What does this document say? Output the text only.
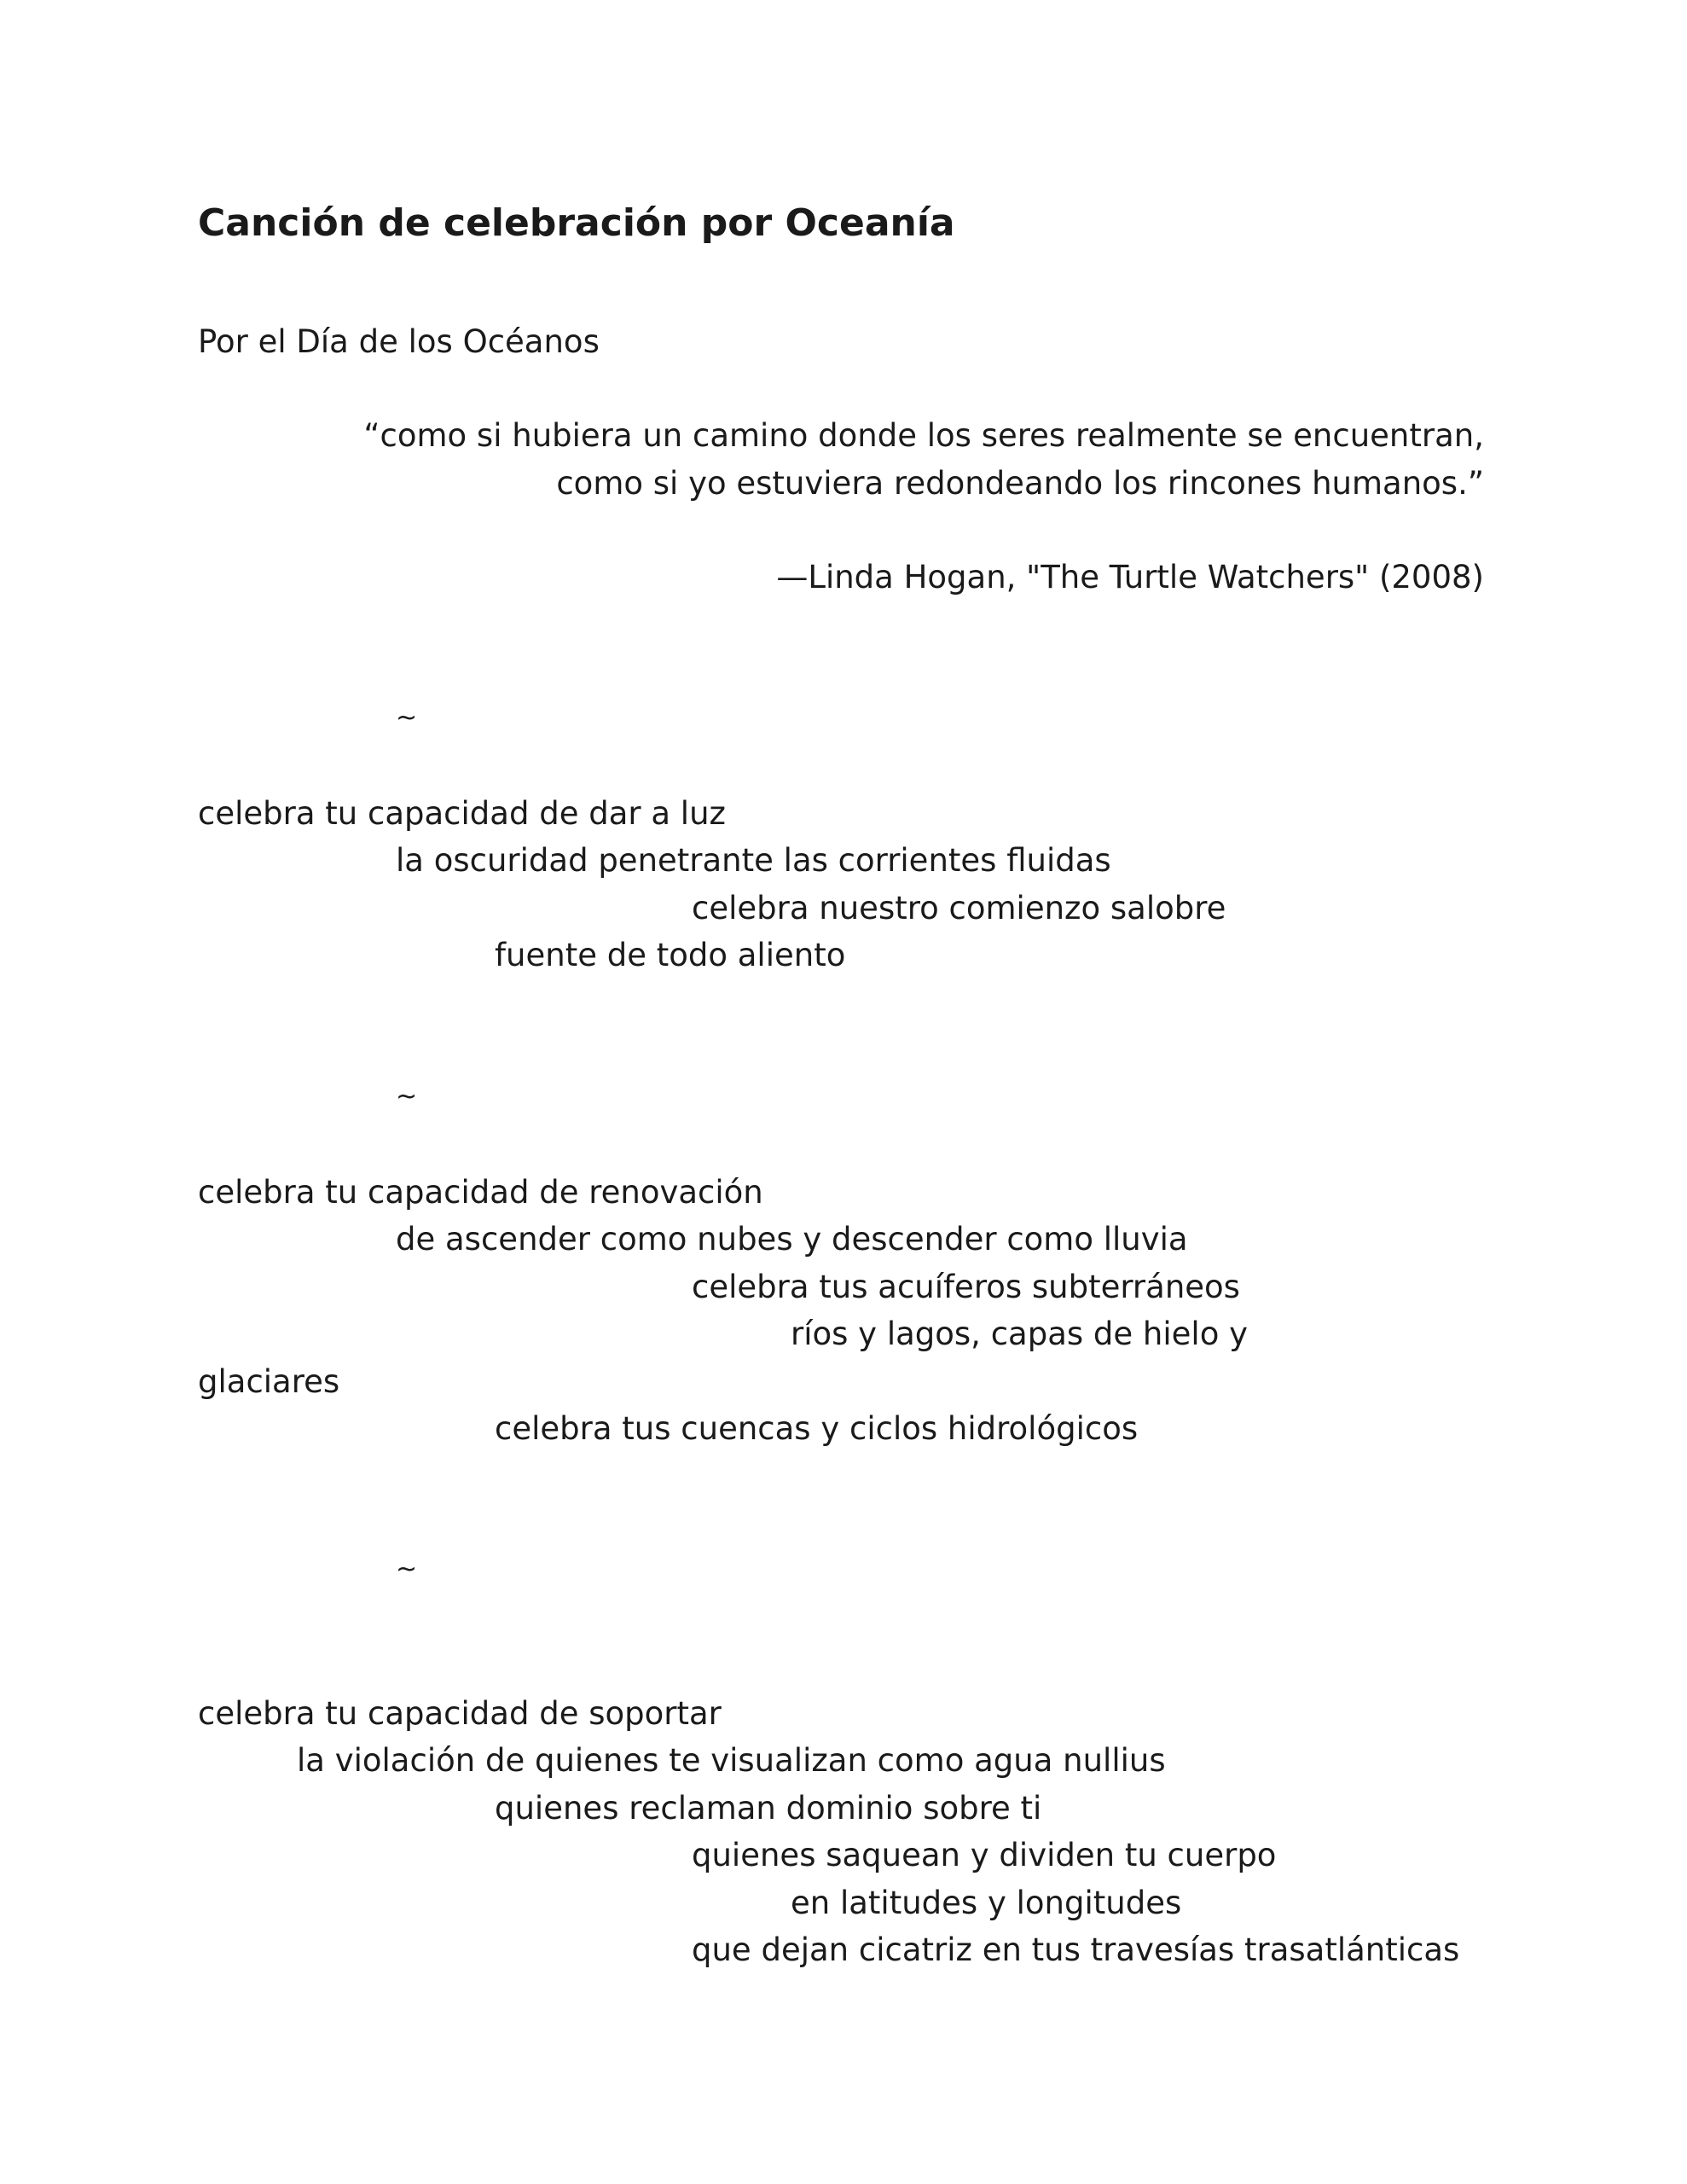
Canción de celebración por Oceanía
Por el Día de los Océanos
“como si hubiera un camino donde los seres realmente se encuentran,
como si yo estuviera redondeando los rincones humanos.”
—Linda Hogan, "The Turtle Watchers" (2008)
~
celebra tu capacidad de dar a luz
la oscuridad penetrante las corrientes fluidas
celebra nuestro comienzo salobre
fuente de todo aliento
~
celebra tu capacidad de renovación
de ascender como nubes y descender como lluvia
celebra tus acuíferos subterráneos
ríos y lagos, capas de hielo y
glaciares
celebra tus cuencas y ciclos hidrológicos
~
celebra tu capacidad de soportar
la violación de quienes te visualizan como agua nullius
quienes reclaman dominio sobre ti
quienes saquean y dividen tu cuerpo
en latitudes y longitudes
que dejan cicatriz en tus travesías trasatlánticas
